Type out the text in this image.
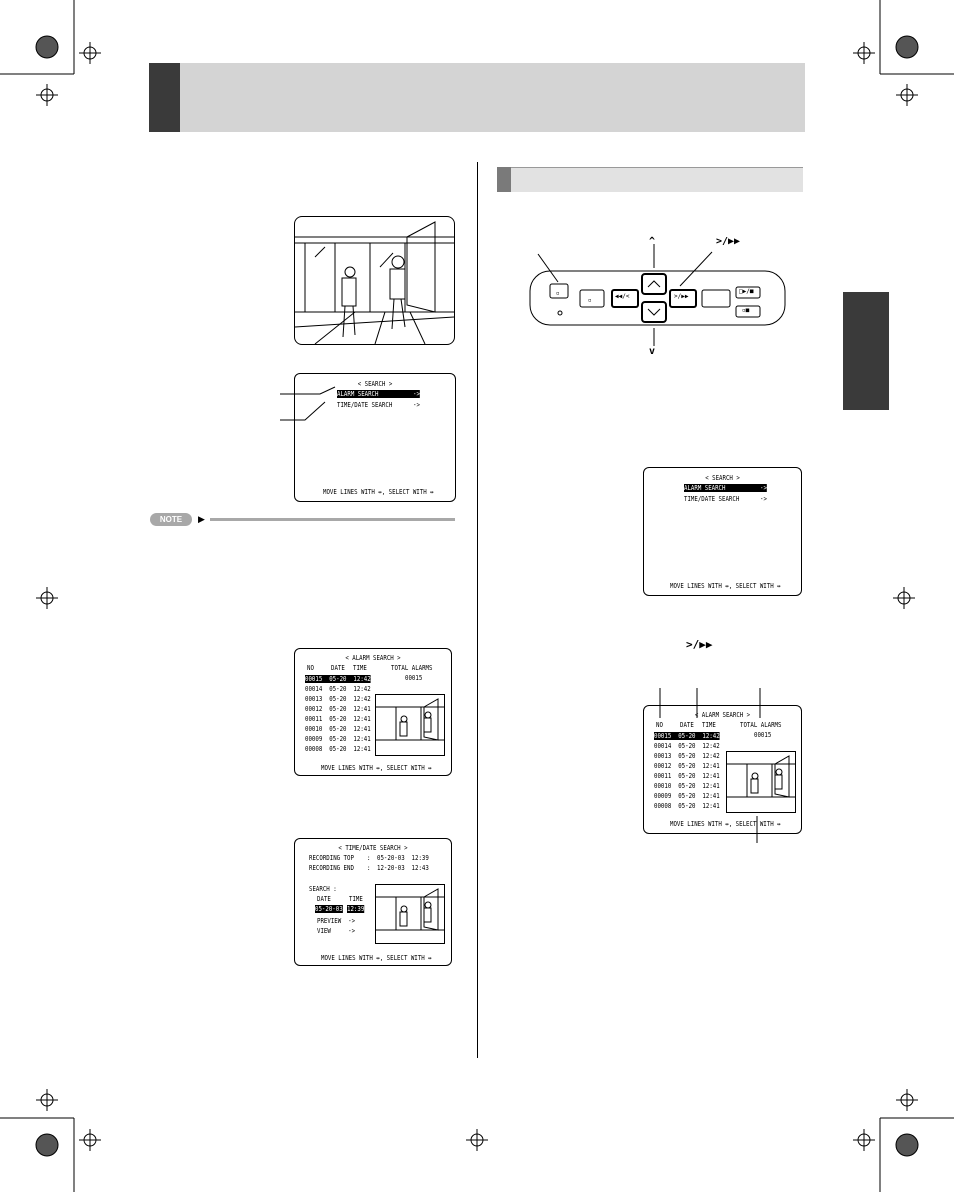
< SEARCH >
ALARM SEARCH	->
TIME/DATE SEARCH	->
MOVE LINES WITH ↔, SELECT WITH ↔
NOTE	▶
< ALARM SEARCH >
NO DATE TIME	TOTAL ALARMS
00015
MOVE LINES WITH ↔, SELECT WITH ↔
00015 05-20 12:42
00014 05-20 12:42
00013 05-20 12:42
00012 05-20 12:41
00011 05-20 12:41
00010 05-20 12:41
00009 05-20 12:41
00008 05-20 12:41
< TIME/DATE SEARCH >
RECORDING TOP : 05-20-03  12:39
RECORDING END : 12-20-03  12:43
SEARCH :
DATE	TIME
05-20-03 12:39
PREVIEW ->
VIEW ->
MOVE LINES WITH ↔, SELECT WITH ↔
▫
▫
^
v
>/▶▶
◀◀/<	>/▶▶
□▶/■
▫■
< SEARCH >
ALARM SEARCH	->
TIME/DATE SEARCH	->
MOVE LINES WITH ↔, SELECT WITH ↔
>/▶▶
< ALARM SEARCH >
NO DATE TIME	TOTAL ALARMS
00015
MOVE LINES WITH ↔, SELECT WITH ↔
00015 05-20 12:42
00014 05-20 12:42
00013 05-20 12:42
00012 05-20 12:41
00011 05-20 12:41
00010 05-20 12:41
00009 05-20 12:41
00008 05-20 12:41
